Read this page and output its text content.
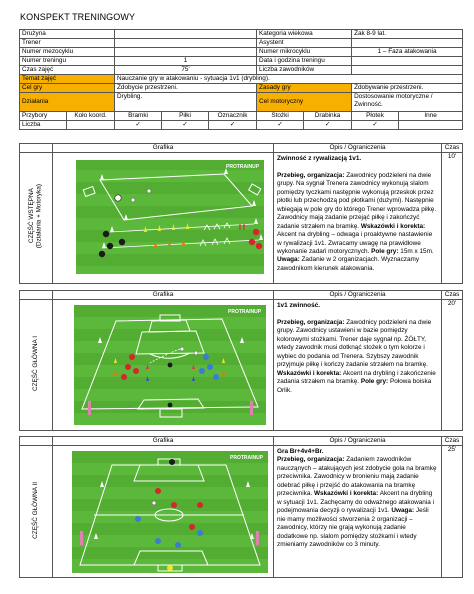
KONSPEKT TRENINGOWY
Drużyna					Kategoria wiekowa		Żak 8-9 lat.	
Trener					Asystent			
Numer mezocyklu					Numer mikrocyklu		1 – Faza atakowania	
Numer treningu		1			Data i godzina treningu			
Czas zajęć		75'			Liczba zawodników			
Temat zajęć		Nauczanie gry w atakowaniu - sytuacja 1v1 (drybling).						
Cel gry		Zdobycie przestrzeni.			Zasady gry		Zdobywanie przestrzeni.	
Działania		Drybling.			Cel motoryczny		Dostosowanie motoryczne / Zwinność.	
Przybory	Koło koord.	Bramki	Piłki	Oznacznik	Stożki	Drabinka	Płotek	Inne
Liczba		✓	✓	✓	✓	✓	✓	
	Grafika	Opis / Ograniczenia	Czas
CZĘŚĆ WSTĘPNA
(Działania + Motoryka)	PROTRAINUP	Zwinność z rywalizacją 1v1.

Przebieg, organizacja: Zawodnicy podzieleni na dwie grupy. Na sygnał Trenera zawodnicy wykonują slalom pomiędzy tyczkami następnie wykonują przeskok przez płotki lub przechodzą pod płotkami (dużymi). Następnie wbiegają w pole gry do którego Trener wprowadza piłkę. Zawodnicy mają zadanie przejąć piłkę i zakończyć zadanie strzałem na bramkę. Wskazówki i korekta: Akcent na drybling – odwaga i proaktywne nastawienie w rywalizacji 1v1. Zwracamy uwagę na prawidłowe wykonanie zadań motorycznych. Pole gry: 15m x 15m.
Uwaga: Zadanie w 2 organizacjach. Wyznaczamy zawodnikom kierunek atakowania.	10'
	Grafika	Opis / Ograniczenia	Czas
CZĘŚĆ GŁÓWNA I	PROTRAINUP	1v1 zwinność.

Przebieg, organizacja: Zawodnicy podzieleni na dwie grupy. Zawodnicy ustawieni w bazie pomiędzy kolorowymi stożkami. Trener daje sygnał np. ŻÓŁTY, wtedy zawodnik musi dotknąć stożek o tym kolorze i wybiec do podania od Trenera. Szybszy zawodnik przyjmuje piłkę i kończy zadanie strzałem na bramkę. Wskazówki i korekta: Akcent na drybling i zakończenie zadania strzałem na bramkę. Pole gry: Połowa boiska Orlik.	20'
	Grafika	Opis / Ograniczenia	Czas
CZĘŚĆ GŁÓWNA II	PROTRAINUP	Gra Br+4v4+Br.
Przebieg, organizacja: Zadaniem zawodników naucząnych – atakujących jest zdobycie gola na bramkę przeciwnika. Zawodnicy w bronieniu mają zadanie odebrać piłkę i przejść do atakowania na bramkę przeciwnika. Wskazówki i korekta: Akcent na drybling w sytuacji 1v1. Zachęcamy do odważnego atakowania i podejmowania decyzji o rywalizacji 1v1. Uwaga: Jeśli nie mamy możliwości stworzenia 2 organizacji – zawodnicy, którzy nie grają wykonują zadanie dodatkowe np. slalom pomiędzy stożkami i wtedy zmieniamy zawodników co 3 minuty.	25'
